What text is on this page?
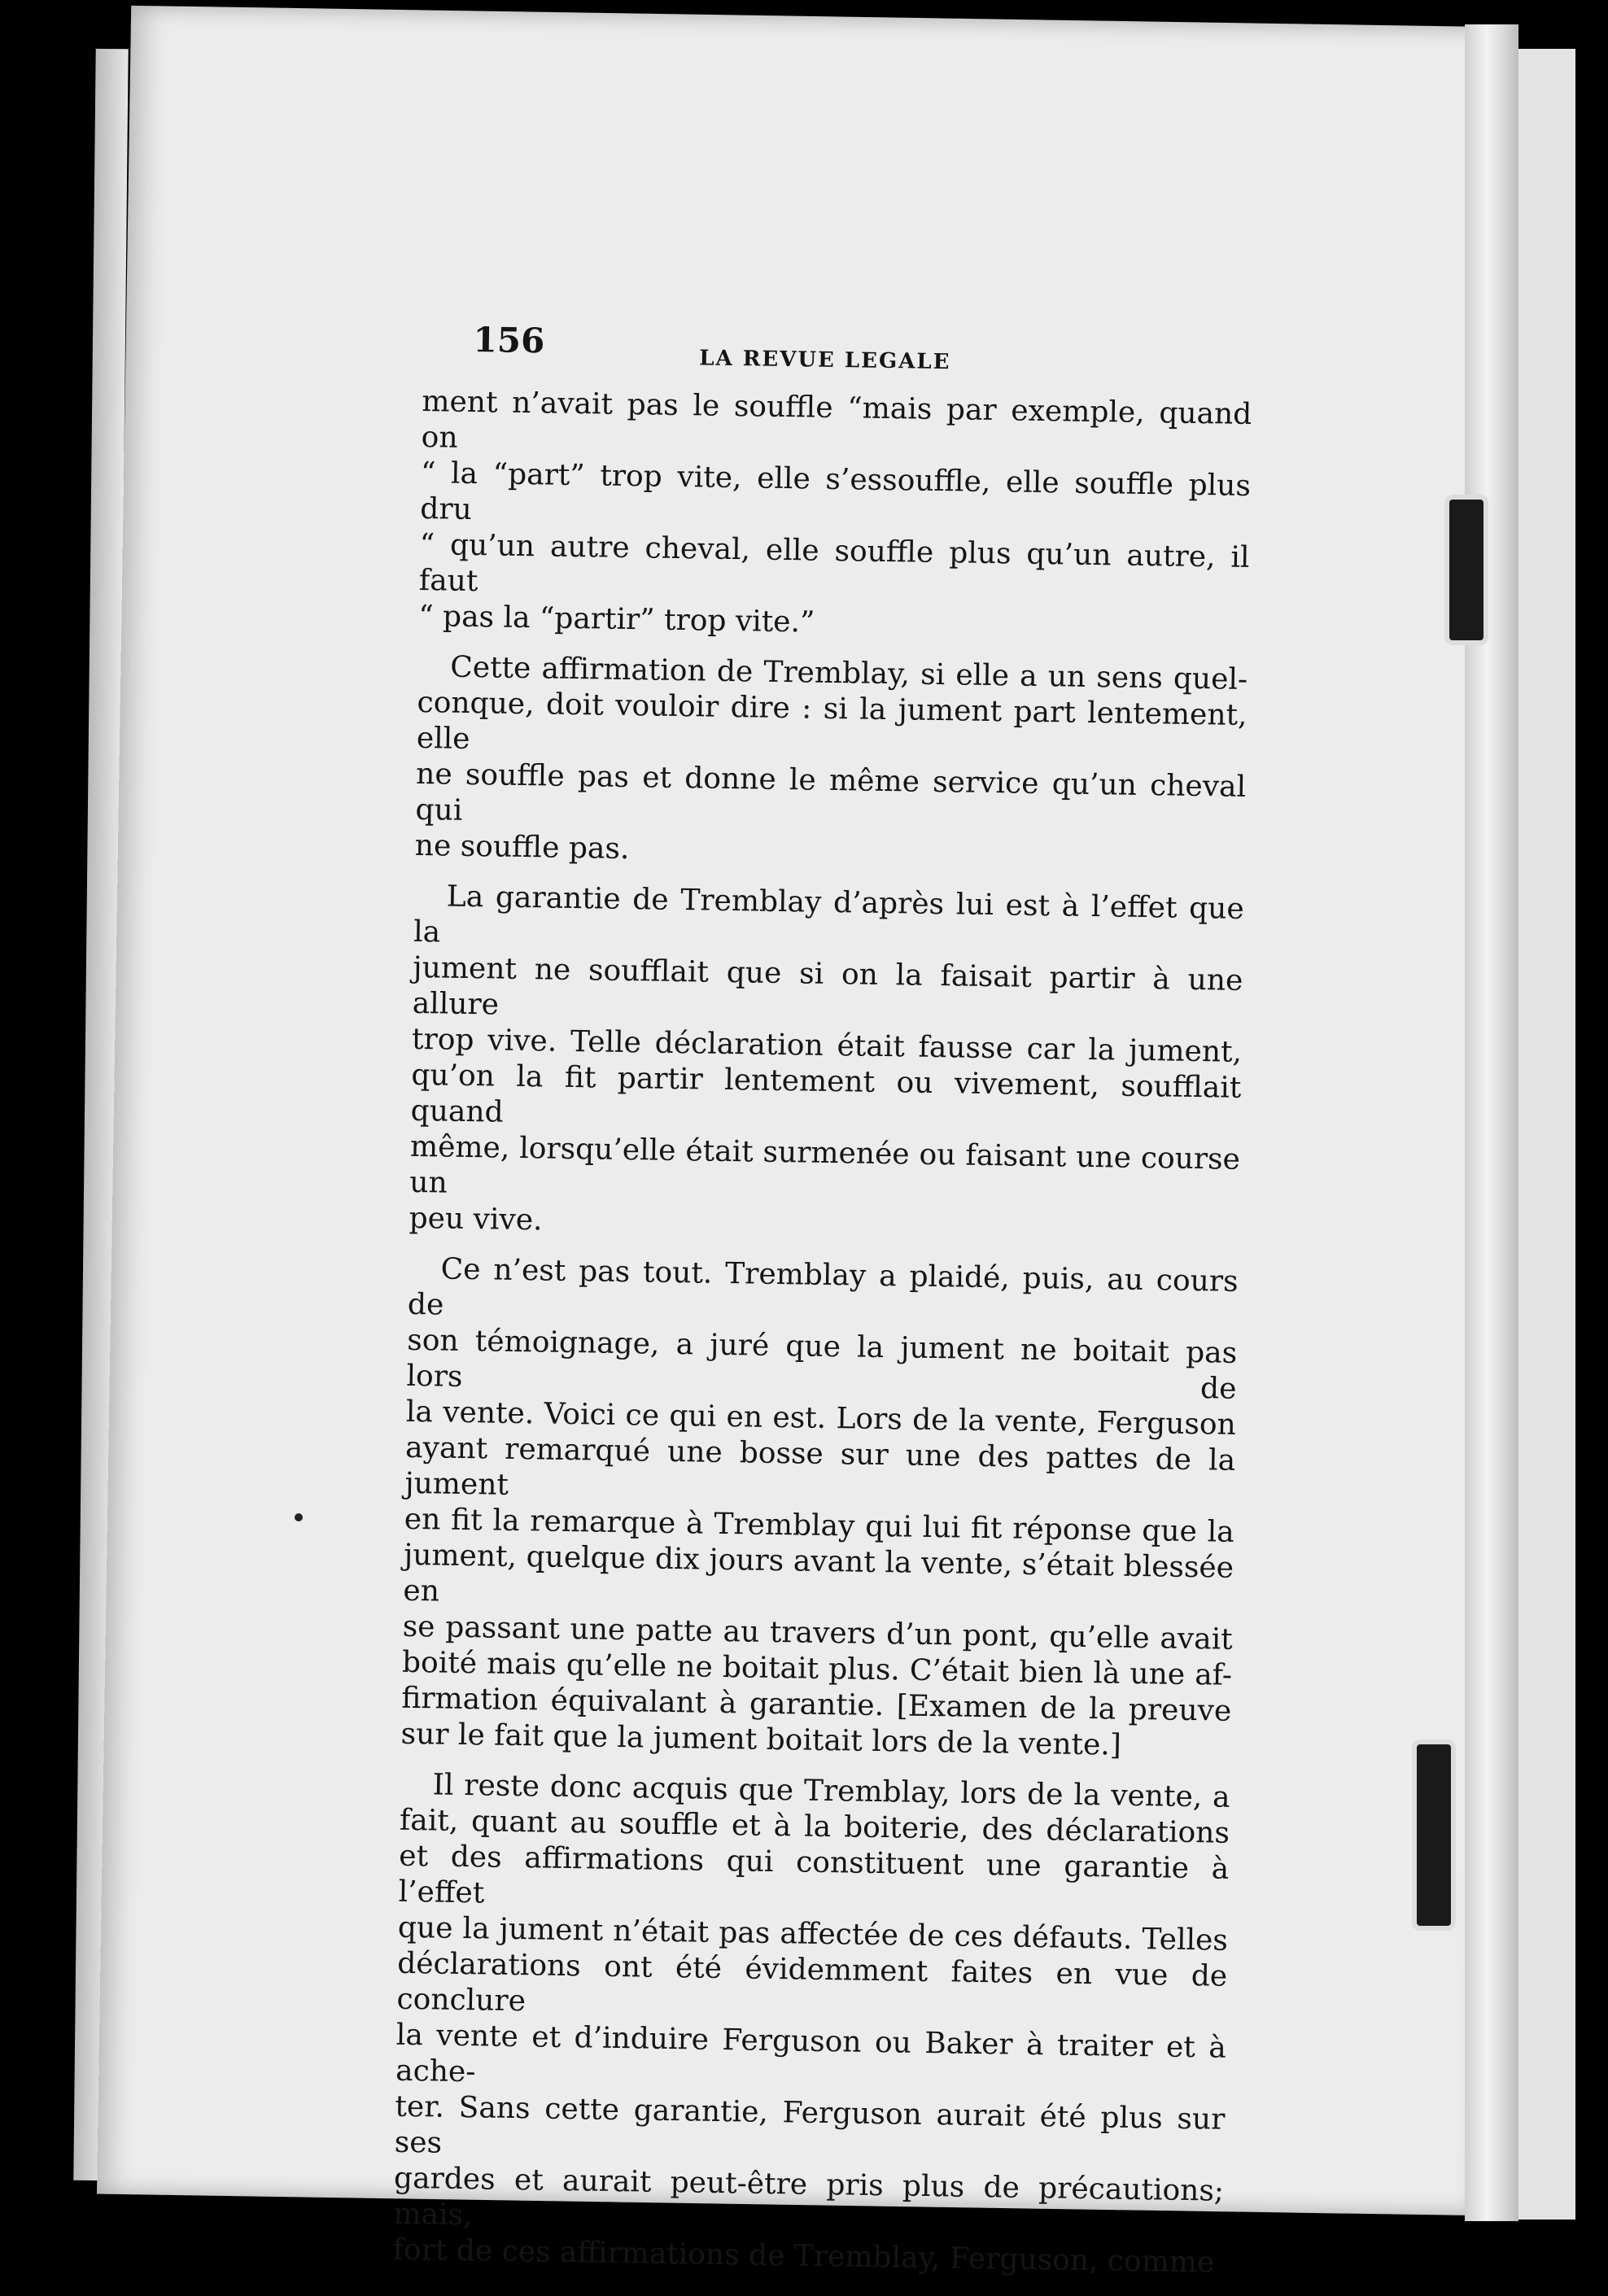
156	LA REVUE LEGALE
ment n’avait pas le souffle “mais par exemple, quand on
“ la “part” trop vite, elle s’essouffle, elle souffle plus dru
“ qu’un autre cheval, elle souffle plus qu’un autre, il faut
“ pas la “partir” trop vite.”
Cette affirmation de Tremblay, si elle a un sens quel-
conque, doit vouloir dire : si la jument part lentement, elle
ne souffle pas et donne le même service qu’un cheval qui
ne souffle pas.
La garantie de Tremblay d’après lui est à l’effet que la
jument ne soufflait que si on la faisait partir à une allure
trop vive. Telle déclaration était fausse car la jument,
qu’on la fit partir lentement ou vivement, soufflait quand
même, lorsqu’elle était surmenée ou faisant une course un
peu vive.
Ce n’est pas tout. Tremblay a plaidé, puis, au cours de
son témoignage, a juré que la jument ne boitait pas lors de
la vente. Voici ce qui en est. Lors de la vente, Ferguson
ayant remarqué une bosse sur une des pattes de la jument
en fit la remarque à Tremblay qui lui fit réponse que la
jument, quelque dix jours avant la vente, s’était blessée en
se passant une patte au travers d’un pont, qu’elle avait
boité mais qu’elle ne boitait plus. C’était bien là une af-
firmation équivalant à garantie. [Examen de la preuve
sur le fait que la jument boitait lors de la vente.]
Il reste donc acquis que Tremblay, lors de la vente, a
fait, quant au souffle et à la boiterie, des déclarations
et des affirmations qui constituent une garantie à l’effet
que la jument n’était pas affectée de ces défauts. Telles
déclarations ont été évidemment faites en vue de conclure
la vente et d’induire Ferguson ou Baker à traiter et à ache-
ter. Sans cette garantie, Ferguson aurait été plus sur ses
gardes et aurait peut-être pris plus de précautions; mais,
fort de ces affirmations de Tremblay, Ferguson, comme
